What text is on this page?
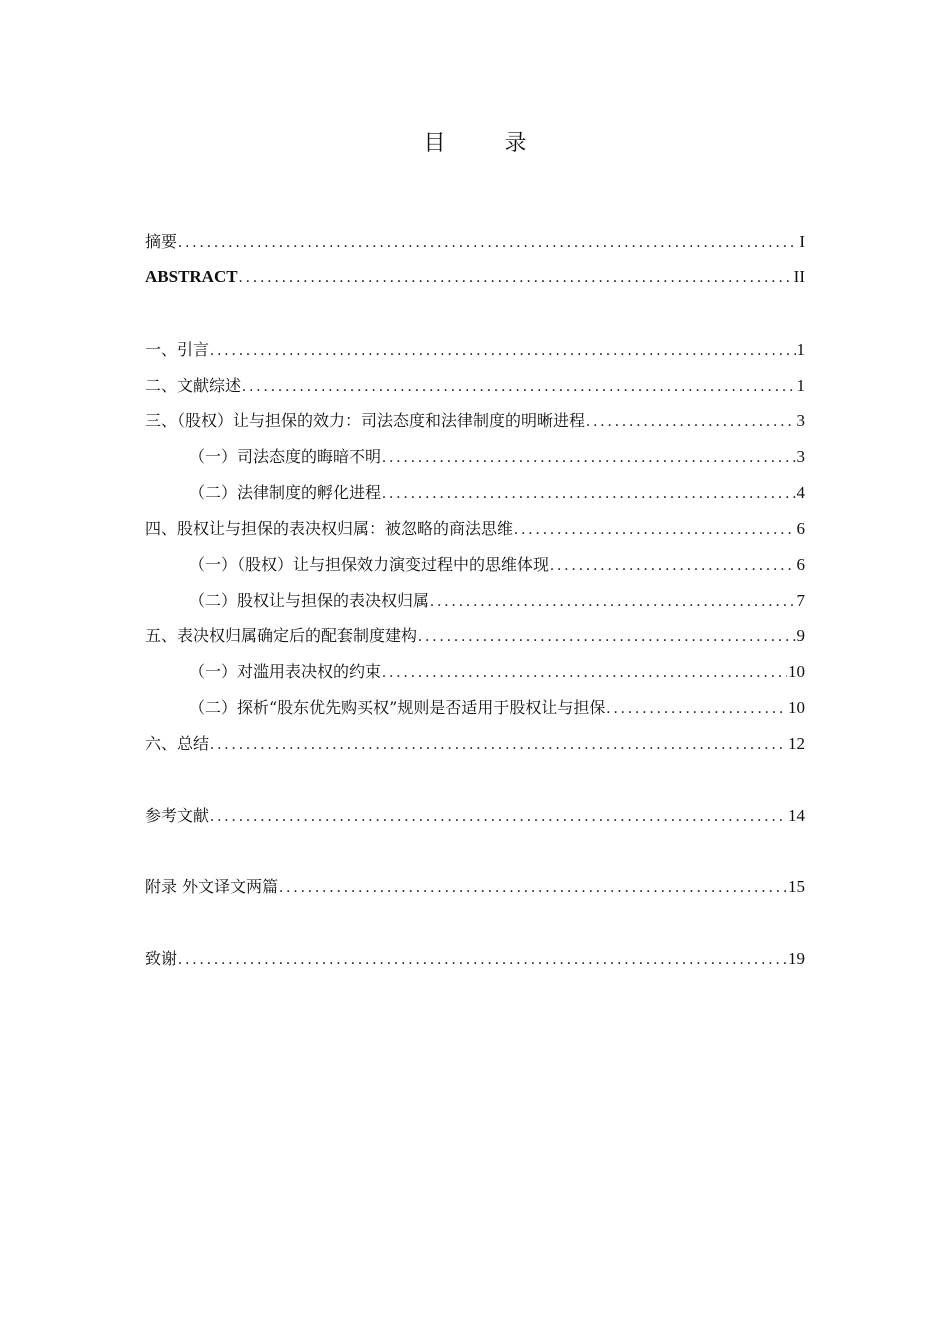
目 录
摘要 .....	I
ABSTRACT .....	II
一、引言 .....	1
二、文献综述 .....	1
三、（股权）让与担保的效力：司法态度和法律制度的明晰进程 .....	3
（一）司法态度的晦暗不明 .....	3
（二）法律制度的孵化进程 .....	4
四、股权让与担保的表决权归属：被忽略的商法思维 .....	6
（一）（股权）让与担保效力演变过程中的思维体现 .....	6
（二）股权让与担保的表决权归属 .....	7
五、表决权归属确定后的配套制度建构 .....	9
（一）对滥用表决权的约束 .....	10
（二）探析“股东优先购买权”规则是否适用于股权让与担保 .....	10
六、总结 .....	12
参考文献 .....	14
附录 外文译文两篇 .....	15
致谢 .....	19
